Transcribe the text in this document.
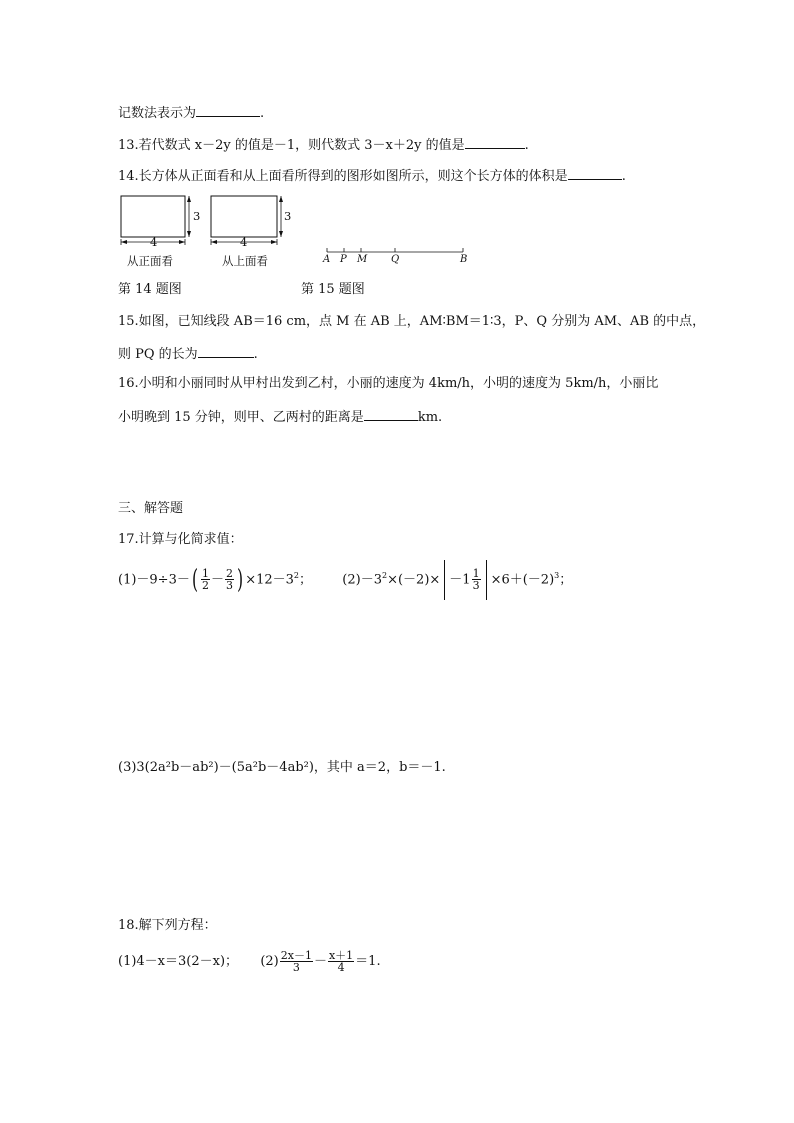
记数法表示为	.
13.若代数式 x－2y 的值是－1，则代数式 3－x＋2y 的值是	.
14.长方体从正面看和从上面看所得到的图形如图所示，则这个长方体的体积是	.
4
3
从正面看
4
3
从上面看	A P M Q	B
第 14 题图	第 15 题图
15.如图，已知线段 AB＝16 cm，点 M 在 AB 上，AM∶BM＝1∶3，P、Q 分别为 AM、AB 的中点，
则 PQ 的长为	.
16.小明和小丽同时从甲村出发到乙村，小丽的速度为 4km/h，小明的速度为 5km/h，小丽比
小明晚到 15 分钟，则甲、乙两村的距离是	km.
三、解答题
17.计算与化简求值：
$(1)-9\div 3-( \frac{1}{2} - \frac{2}{3}$ ) $\times 12-3^2$； $(2)-3^2\times(-2)\times -1 \frac{1}{3} \times 6+(-2)^3$；
(3)3(2a²b－ab²)－(5a²b－4ab²)，其中 a＝2，b＝－1.
18.解下列方程：
(1)4－x＝3(2－x)； $(2) \frac{2x-1}{3} - \frac{x+1}{4} =1$.
